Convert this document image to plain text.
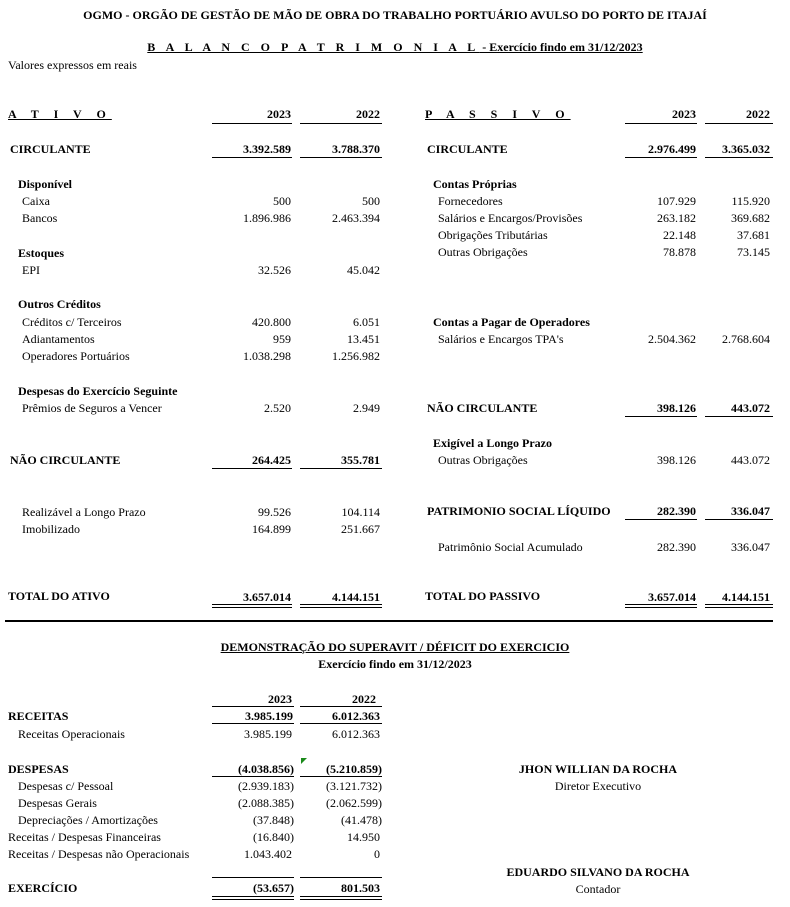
OGMO - ORGÃO DE GESTÃO DE MÃO DE OBRA DO TRABALHO PORTUÁRIO AVULSO DO PORTO DE ITAJAÍ
B A L A N C O P A T R I M O N I A L - Exercício findo em 31/12/2023
Valores expressos em reais
A T I V O	2023	2022	P A S S I V O	2023	2022
CIRCULANTE	3.392.589	3.788.370
Disponível
Caixa	500	500
Bancos	1.896.986	2.463.394
Estoques
EPI	32.526	45.042
Outros Créditos
Créditos c/ Terceiros	420.800	6.051
Adiantamentos	959	13.451
Operadores Portuários	1.038.298	1.256.982
Despesas do Exercício Seguinte
Prêmios de Seguros a Vencer	2.520	2.949
NÃO CIRCULANTE	264.425	355.781
Realizável a Longo Prazo	99.526	104.114
Imobilizado	164.899	251.667
TOTAL DO ATIVO	3.657.014	4.144.151
CIRCULANTE	2.976.499	3.365.032
Contas Próprias
Fornecedores	107.929	115.920
Salários e Encargos/Provisões	263.182	369.682
Obrigações Tributárias	22.148	37.681
Outras Obrigações	78.878	73.145
Contas a Pagar de Operadores
Salários e Encargos TPA's	2.504.362	2.768.604
NÃO CIRCULANTE	398.126	443.072
Exigível a Longo Prazo
Outras Obrigações	398.126	443.072
PATRIMONIO SOCIAL LÍQUIDO	282.390	336.047
Patrimônio Social Acumulado	282.390	336.047
TOTAL DO PASSIVO	3.657.014	4.144.151
DEMONSTRAÇÃO DO SUPERAVIT / DÉFICIT DO EXERCICIO
Exercício findo em 31/12/2023
2023	2022
RECEITAS	3.985.199	6.012.363
Receitas Operacionais	3.985.199	6.012.363
DESPESAS	(4.038.856)	(5.210.859)
Despesas c/ Pessoal	(2.939.183)	(3.121.732)
Despesas Gerais	(2.088.385)	(2.062.599)
Depreciações / Amortizações	(37.848)	(41.478)
Receitas / Despesas Financeiras	(16.840)	14.950
Receitas / Despesas não Operacionais	1.043.402	0
EXERCÍCIO	(53.657)	801.503
JHON WILLIAN DA ROCHA
Diretor Executivo
EDUARDO SILVANO DA ROCHA
Contador
